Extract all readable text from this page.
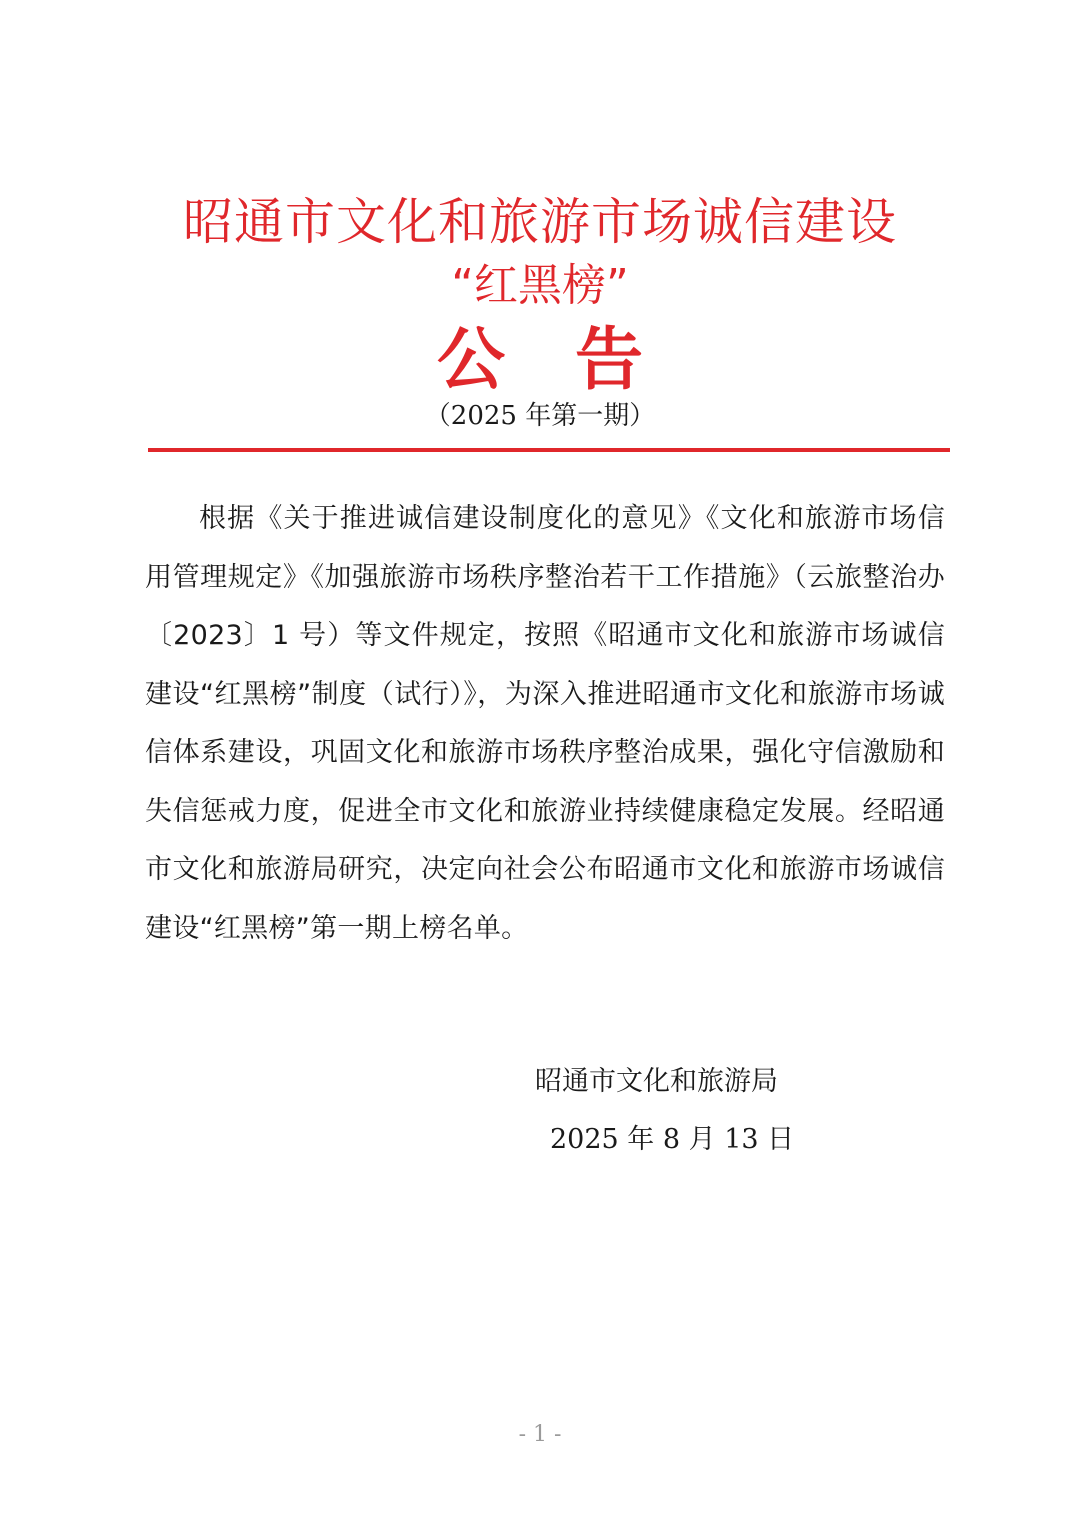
昭通市文化和旅游市场诚信建设
“红黑榜”
公 告
（2025 年第一期）
根据《关于推进诚信建设制度化的意见》《文化和旅游市场信用管理规定》《加强旅游市场秩序整治若干工作措施》（云旅整治办〔2023〕1 号）等文件规定，按照《昭通市文化和旅游市场诚信建设“红黑榜”制度（试行）》，为深入推进昭通市文化和旅游市场诚信体系建设，巩固文化和旅游市场秩序整治成果，强化守信激励和失信惩戒力度，促进全市文化和旅游业持续健康稳定发展。经昭通市文化和旅游局研究，决定向社会公布昭通市文化和旅游市场诚信建设“红黑榜”第一期上榜名单。
昭通市文化和旅游局
2025 年 8 月 13 日
- 1 -
